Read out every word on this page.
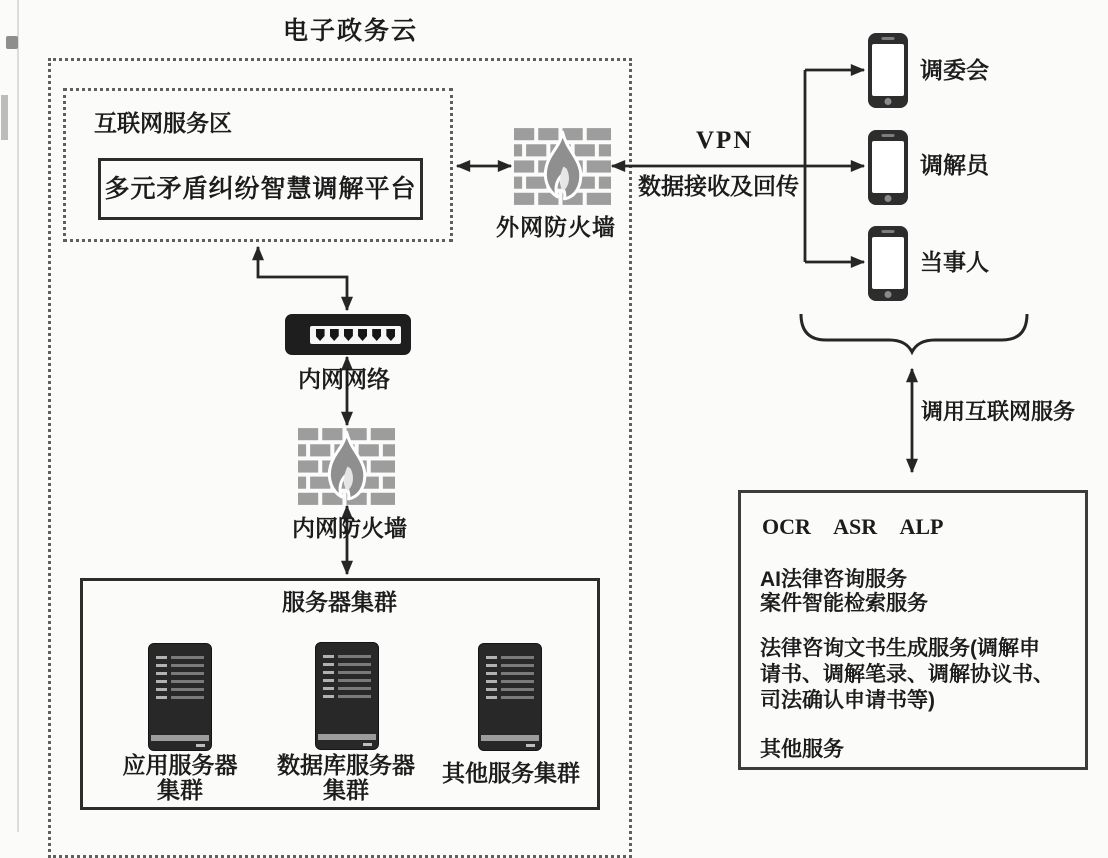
多元矛盾纠纷智慧调解平台
电子政务云
互联网服务区
外网防火墙
VPN
数据接收及回传
调委会
调解员
当事人
内网网络
内网防火墙
调用互联网服务
服务器集群
应用服务器
集群
数据库服务器
集群
其他服务集群
OCR ASR ALP
AI法律咨询服务
案件智能检索服务
法律咨询文书生成服务(调解申请书、调解笔录、调解协议书、司法确认申请书等)
其他服务
